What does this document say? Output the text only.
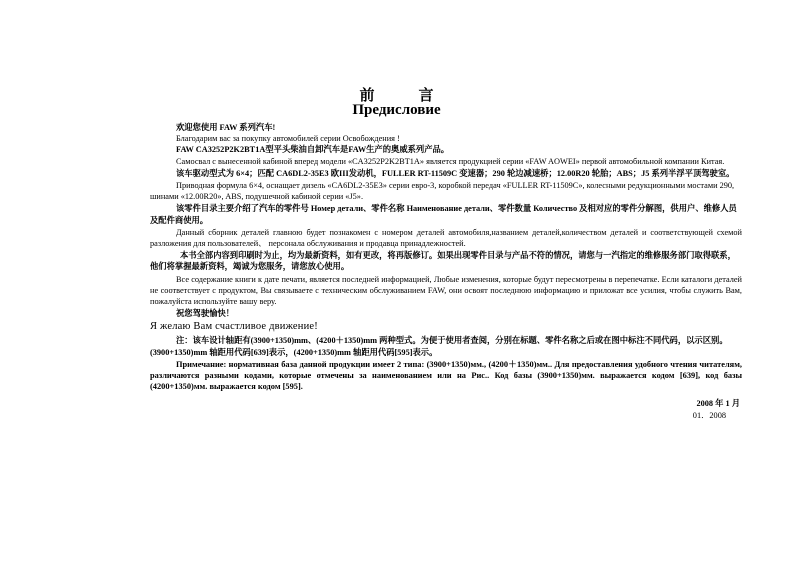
前	言
Предисловие

欢迎您使用 FAW 系列汽车!

Благодарим вас за покупку автомобилей серии Освобождения !

FAW CA3252P2K2BT1A型平头柴油自卸汽车是FAW生产的奥威系列产品。

Самосвал с вынесенной кабиной вперед модели «CA3252P2K2BT1A» является продукцией серии «FAW AOWEI» первой автомобильной компании Китая.

该车驱动型式为 6×4；匹配 CA6DL2-35E3 欧III发动机，FULLER RT-11509C 变速器；290 轮边减速桥；12.00R20 轮胎；ABS；J5 系列半浮平顶驾驶室。

Приводная формула 6×4, оснащает дизель «CA6DL2-35E3» серии евро-3, коробкой передач «FULLER RT-11509C», колесными редукционными мостами 290, шинами «12.00R20», ABS, подушечной кабиной серии «J5».

该零件目录主要介绍了汽车的零件号 Номер детали、零件名称 Наименование детали、零件数量 Количество 及相对应的零件分解图，供用户、维修人员及配件商使用。

Данный сборник деталей главною будет познакомен с номером деталей автомобиля,названием деталей,количеством деталей и соответствующей схемой разложения для пользователей、 персонала обслуживания и продавца принадлежностей.

本书全部内容到印刷时为止，均为最新资料，如有更改，将再版修订。如果出现零件目录与产品不符的情况，请您与一汽指定的维修服务部门取得联系，他们将掌握最新资料，竭诚为您服务，请您放心使用。

Все содержание книги к дате печати, является последней информацией, Любые изменения, которые будут пересмотрены в перепечатке. Если каталоги деталей не соответствует с продуктом, Вы связываете с техническим обслуживанием FAW, они освоят последнюю информацию и приложат все усилия, чтобы служить Вам, пожалуйста используйте вашу веру.

祝您驾驶愉快！

Я желаю Вам счастливое движение!

注：该车设计轴距有(3900+1350)mm、(4200＋1350)mm 两种型式。为便于使用者查阅，分别在标题、零件名称之后或在图中标注不同代码，以示区别。(3900+1350)mm 轴距用代码[639]表示，(4200+1350)mm 轴距用代码[595]表示。

Примечание: нормативная база данной продукции имеет 2 типа: (3900+1350)мм., (4200＋1350)мм.. Для предоставления удобного чтения читателям, различаются разными кодами, которые отмечены за наименованием или на Рис.. Код базы (3900+1350)мм. выражается кодом [639], код базы (4200+1350)мм. выражается кодом [595].

2008 年 1 月

01．2008
